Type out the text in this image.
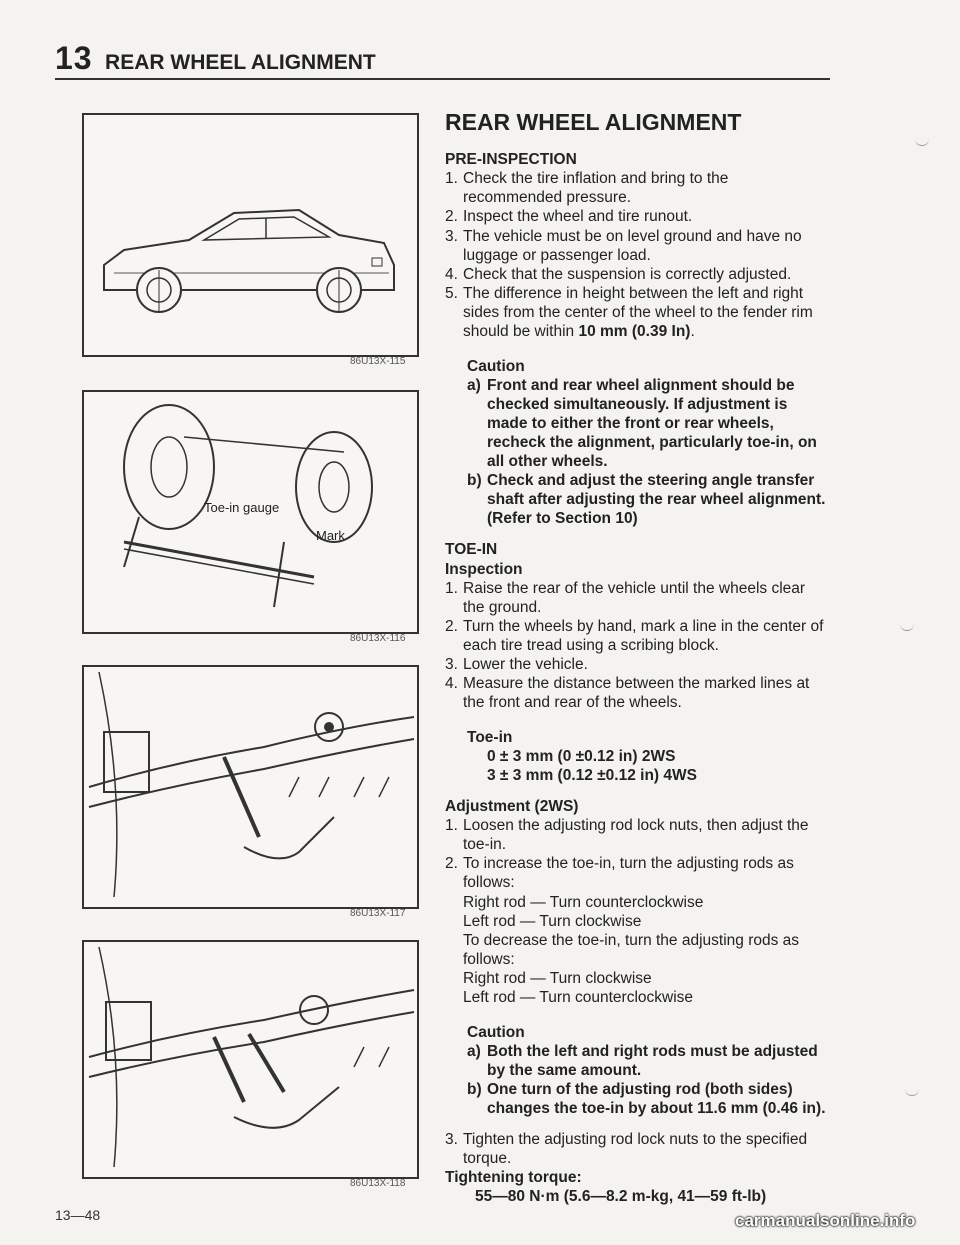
13 REAR WHEEL ALIGNMENT
86U13X-115
Toe-in gauge
Mark
86U13X-116
86U13X-117
86U13X-118
REAR WHEEL ALIGNMENT
PRE-INSPECTION
1. Check the tire inflation and bring to the recommended pressure.
2. Inspect the wheel and tire runout.
3. The vehicle must be on level ground and have no luggage or passenger load.
4. Check that the suspension is correctly adjusted.
5. The difference in height between the left and right sides from the center of the wheel to the fender rim should be within 10 mm (0.39 In).
Caution
a) Front and rear wheel alignment should be checked simultaneously. If adjustment is made to either the front or rear wheels, recheck the alignment, particularly toe-in, on all other wheels.
b) Check and adjust the steering angle transfer shaft after adjusting the rear wheel alignment. (Refer to Section 10)
TOE-IN
Inspection
1. Raise the rear of the vehicle until the wheels clear the ground.
2. Turn the wheels by hand, mark a line in the center of each tire tread using a scribing block.
3. Lower the vehicle.
4. Measure the distance between the marked lines at the front and rear of the wheels.
Toe-in
0 ± 3 mm (0 ±0.12 in) 2WS
3 ± 3 mm (0.12 ±0.12 in) 4WS
Adjustment (2WS)
1. Loosen the adjusting rod lock nuts, then adjust the toe-in.
2. To increase the toe-in, turn the adjusting rods as follows:
Right rod — Turn counterclockwise
Left rod — Turn clockwise
To decrease the toe-in, turn the adjusting rods as follows:
Right rod — Turn clockwise
Left rod — Turn counterclockwise
Caution
a) Both the left and right rods must be adjusted by the same amount.
b) One turn of the adjusting rod (both sides) changes the toe-in by about 11.6 mm (0.46 in).
3. Tighten the adjusting rod lock nuts to the specified torque.
Tightening torque:
55—80 N·m (5.6—8.2 m-kg, 41—59 ft-lb)
13—48	carmanualsonline.info
